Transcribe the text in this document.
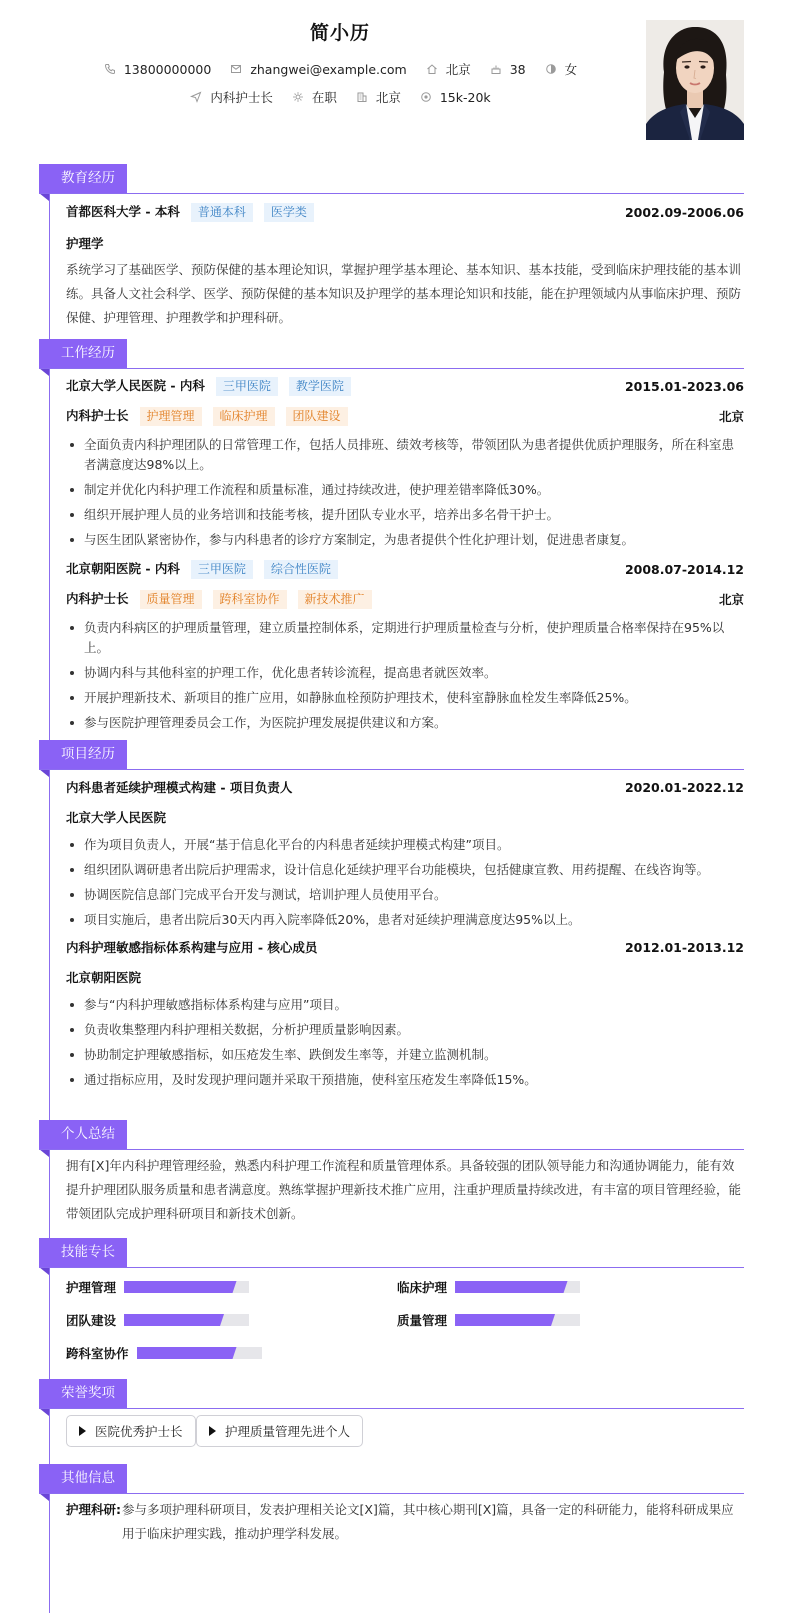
简小历
13800000000	zhangwei@example.com	北京	38	女
内科护士长	在职	北京	15k-20k
教育经历
首都医科大学 - 本科 普通本科 医学类	2002.09-2006.06
护理学
系统学习了基础医学、预防保健的基本理论知识，掌握护理学基本理论、基本知识、基本技能，受到临床护理技能的基本训练。具备人文社会科学、医学、预防保健的基本知识及护理学的基本理论知识和技能，能在护理领域内从事临床护理、预防保健、护理管理、护理教学和护理科研。
工作经历
北京大学人民医院 - 内科 三甲医院 教学医院	2015.01-2023.06
内科护士长 护理管理 临床护理 团队建设	北京
全面负责内科护理团队的日常管理工作，包括人员排班、绩效考核等，带领团队为患者提供优质护理服务，所在科室患者满意度达98%以上。
制定并优化内科护理工作流程和质量标准，通过持续改进，使护理差错率降低30%。
组织开展护理人员的业务培训和技能考核，提升团队专业水平，培养出多名骨干护士。
与医生团队紧密协作，参与内科患者的诊疗方案制定，为患者提供个性化护理计划，促进患者康复。
北京朝阳医院 - 内科 三甲医院 综合性医院	2008.07-2014.12
内科护士长 质量管理 跨科室协作 新技术推广	北京
负责内科病区的护理质量管理，建立质量控制体系，定期进行护理质量检查与分析，使护理质量合格率保持在95%以上。
协调内科与其他科室的护理工作，优化患者转诊流程，提高患者就医效率。
开展护理新技术、新项目的推广应用，如静脉血栓预防护理技术，使科室静脉血栓发生率降低25%。
参与医院护理管理委员会工作，为医院护理发展提供建议和方案。
项目经历
内科患者延续护理模式构建 - 项目负责人	2020.01-2022.12
北京大学人民医院
作为项目负责人，开展“基于信息化平台的内科患者延续护理模式构建”项目。
组织团队调研患者出院后护理需求，设计信息化延续护理平台功能模块，包括健康宣教、用药提醒、在线咨询等。
协调医院信息部门完成平台开发与测试，培训护理人员使用平台。
项目实施后，患者出院后30天内再入院率降低20%，患者对延续护理满意度达95%以上。
内科护理敏感指标体系构建与应用 - 核心成员	2012.01-2013.12
北京朝阳医院
参与“内科护理敏感指标体系构建与应用”项目。
负责收集整理内科护理相关数据，分析护理质量影响因素。
协助制定护理敏感指标，如压疮发生率、跌倒发生率等，并建立监测机制。
通过指标应用，及时发现护理问题并采取干预措施，使科室压疮发生率降低15%。
个人总结
拥有[X]年内科护理管理经验，熟悉内科护理工作流程和质量管理体系。具备较强的团队领导能力和沟通协调能力，能有效提升护理团队服务质量和患者满意度。熟练掌握护理新技术推广应用，注重护理质量持续改进，有丰富的项目管理经验，能带领团队完成护理科研项目和新技术创新。
技能专长
护理管理	临床护理
团队建设	质量管理
跨科室协作
荣誉奖项
医院优秀护士长	护理质量管理先进个人
其他信息
护理科研: 参与多项护理科研项目，发表护理相关论文[X]篇，其中核心期刊[X]篇，具备一定的科研能力，能将科研成果应用于临床护理实践，推动护理学科发展。
